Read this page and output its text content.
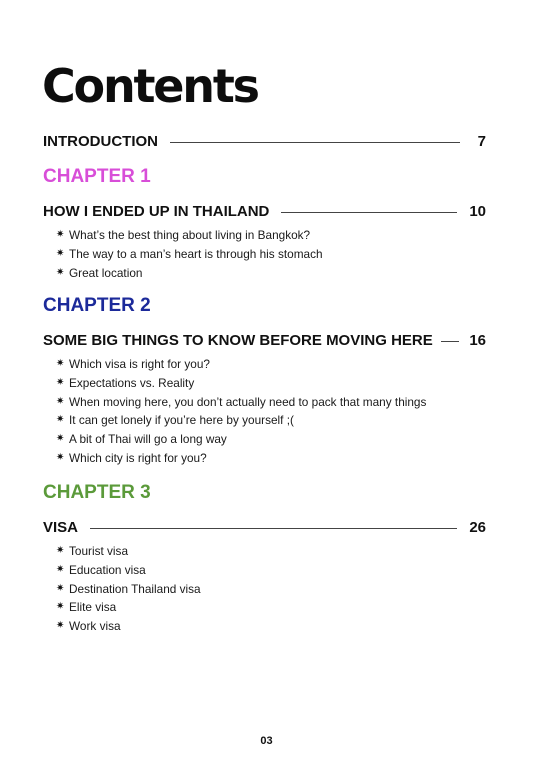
Contents
INTRODUCTION	7
CHAPTER 1
HOW I ENDED UP IN THAILAND	10
✷ What’s the best thing about living in Bangkok?
✷ The way to a man’s heart is through his stomach
✷ Great location
CHAPTER 2
SOME BIG THINGS TO KNOW BEFORE MOVING HERE 16
✷ Which visa is right for you?
✷ Expectations vs. Reality
✷ When moving here, you don’t actually need to pack that many things
✷ It can get lonely if you’re here by yourself ;(
✷ A bit of Thai will go a long way
✷ Which city is right for you?
CHAPTER 3
VISA	26
✷ Tourist visa
✷ Education visa
✷ Destination Thailand visa
✷ Elite visa
✷ Work visa
03
